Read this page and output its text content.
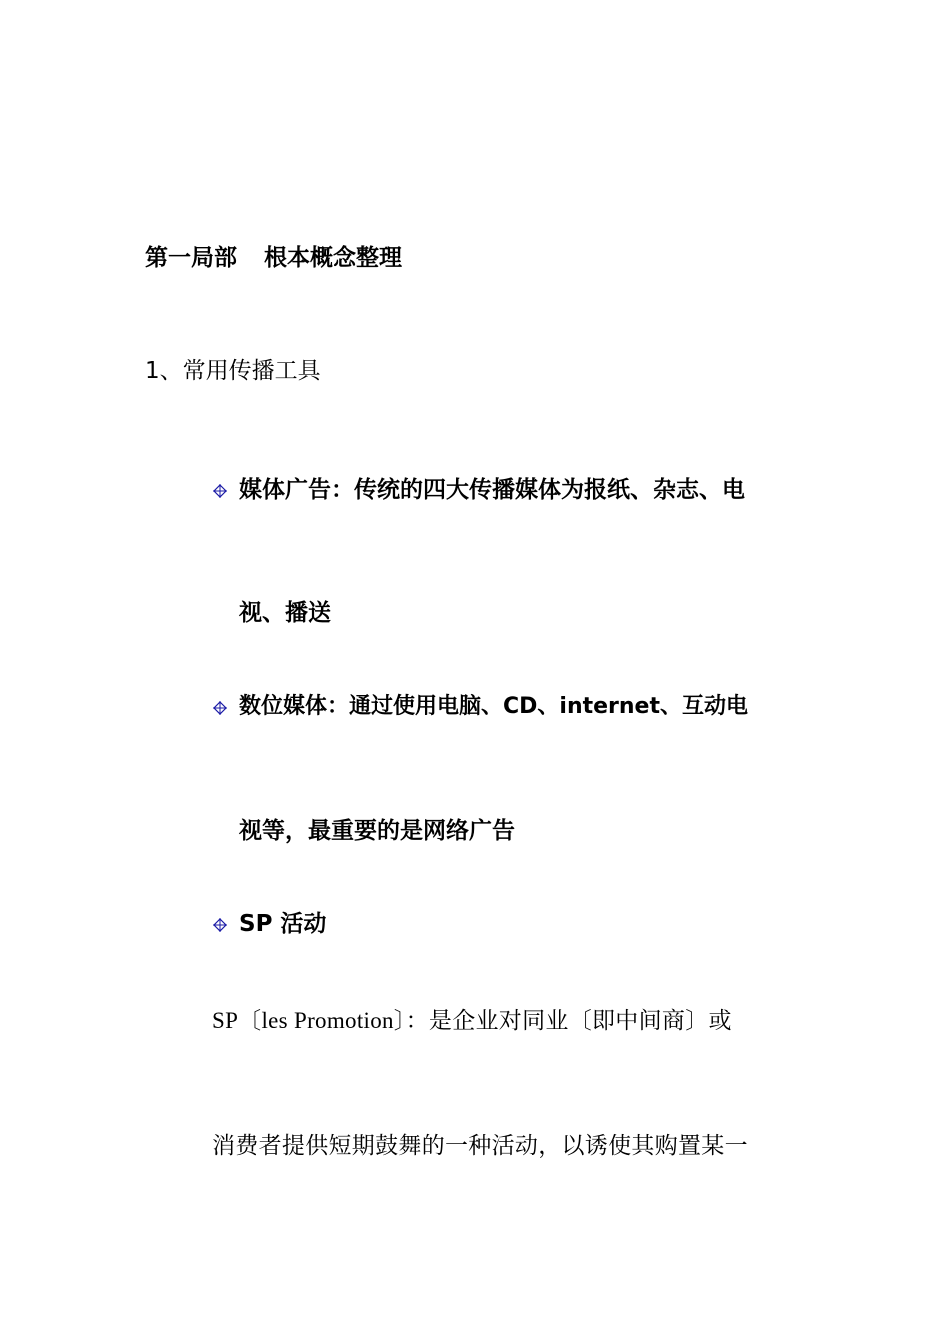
第一局部 根本概念整理
1、常用传播工具
媒体广告：传统的四大传播媒体为报纸、杂志、电
视、播送
数位媒体：通过使用电脑、CD、internet、互动电
视等，最重要的是网络广告
SP 活动
SP〔les Promotion〕：是企业对同业〔即中间商〕或
消费者提供短期鼓舞的一种活动，以诱使其购置某一
